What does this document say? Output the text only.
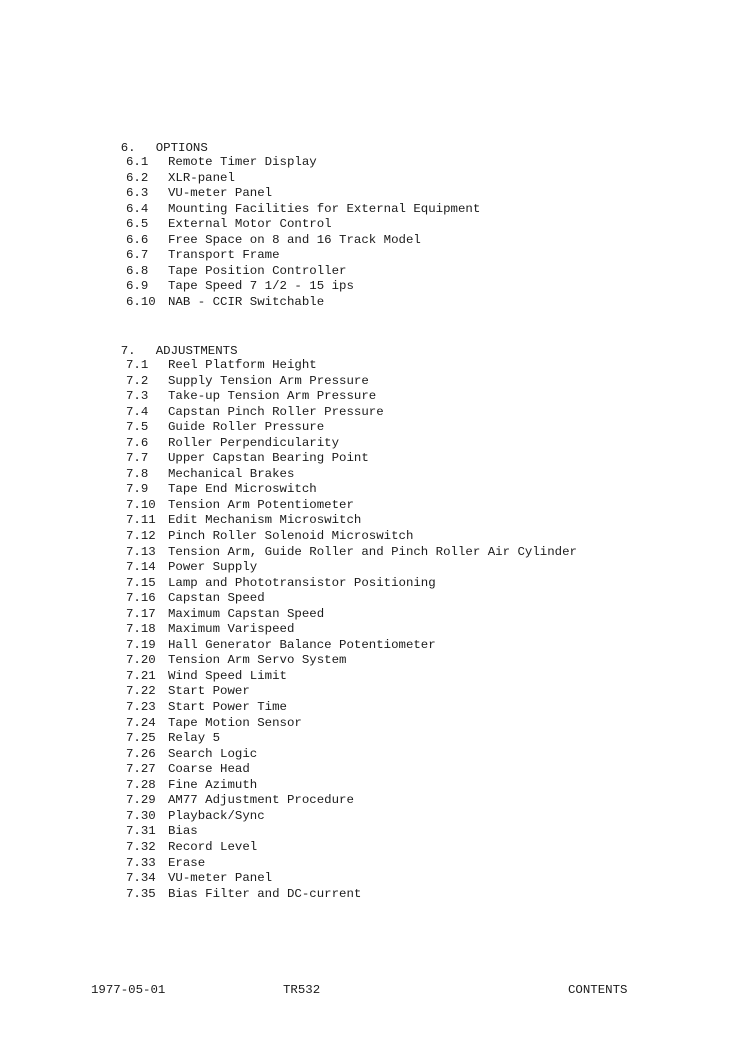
6. OPTIONS

6.1 Remote Timer Display
6.2 XLR-panel
6.3 VU-meter Panel
6.4 Mounting Facilities for External Equipment
6.5 External Motor Control
6.6 Free Space on 8 and 16 Track Model
6.7 Transport Frame
6.8 Tape Position Controller
6.9 Tape Speed 7 1/2 - 15 ips
6.10 NAB - CCIR Switchable

7. ADJUSTMENTS

7.1 Reel Platform Height
7.2 Supply Tension Arm Pressure
7.3 Take-up Tension Arm Pressure
7.4 Capstan Pinch Roller Pressure
7.5 Guide Roller Pressure
7.6 Roller Perpendicularity
7.7 Upper Capstan Bearing Point
7.8 Mechanical Brakes
7.9 Tape End Microswitch
7.10 Tension Arm Potentiometer
7.11 Edit Mechanism Microswitch
7.12 Pinch Roller Solenoid Microswitch
7.13 Tension Arm, Guide Roller and Pinch Roller Air Cylinder
7.14 Power Supply
7.15 Lamp and Phototransistor Positioning
7.16 Capstan Speed
7.17 Maximum Capstan Speed
7.18 Maximum Varispeed
7.19 Hall Generator Balance Potentiometer
7.20 Tension Arm Servo System
7.21 Wind Speed Limit
7.22 Start Power
7.23 Start Power Time
7.24 Tape Motion Sensor
7.25 Relay 5
7.26 Search Logic
7.27 Coarse Head
7.28 Fine Azimuth
7.29 AM77 Adjustment Procedure
7.30 Playback/Sync
7.31 Bias
7.32 Record Level
7.33 Erase
7.34 VU-meter Panel
7.35 Bias Filter and DC-current
1977-05-01	TR532	CONTENTS
